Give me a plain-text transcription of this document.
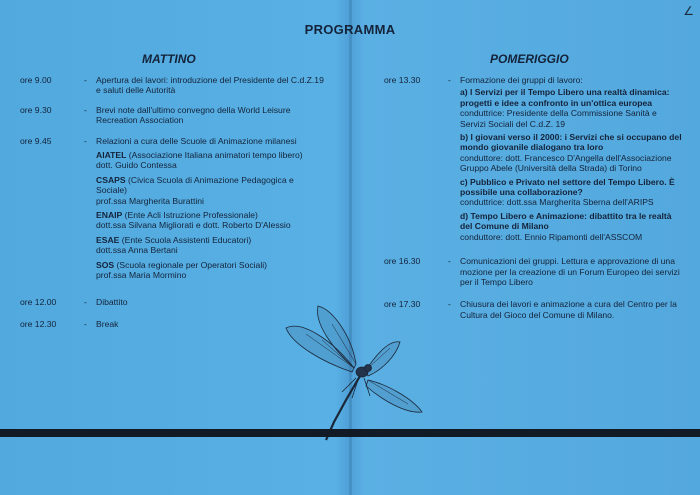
∠
PROGRAMMA
MATTINO	POMERIGGIO
ore 9.00	-	Apertura dei lavori: introduzione del Presidente del C.d.Z.19 e saluti delle Autorità
ore 9.30	-	Brevi note dall'ultimo convegno della World Leisure Recreation Association
ore 9.45	-	Relazioni a cura delle Scuole di Animazione milanesi
AIATEL (Associazione Italiana animatori tempo libero)
dott. Guido Contessa
CSAPS (Civica Scuola di Animazione Pedagogica e Sociale)
prof.ssa Margherita Burattini
ENAIP (Ente Acli Istruzione Professionale)
dott.ssa Silvana Migliorati e dott. Roberto D'Alessio
ESAE (Ente Scuola Assistenti Educatori)
dott.ssa Anna Bertani
SOS (Scuola regionale per Operatori Sociali)
prof.ssa Maria Mormino
ore 12.00	-	Dibattito
ore 12.30	-	Break
ore 13.30	-	Formazione dei gruppi di lavoro:
a) I Servizi per il Tempo Libero una realtà dinamica: progetti e idee a confronto in un'ottica europea
conduttrice: Presidente della Commissione Sanità e Servizi Sociali del C.d.Z. 19
b) I giovani verso il 2000: i Servizi che si occupano del mondo giovanile dialogano tra loro
conduttore: dott. Francesco D'Angella dell'Associazione Gruppo Abele (Università della Strada) di Torino
c) Pubblico e Privato nel settore del Tempo Libero. È possibile una collaborazione?
conduttrice: dott.ssa Margherita Sberna dell'ARIPS
d) Tempo Libero e Animazione: dibattito tra le realtà del Comune di Milano
conduttore: dott. Ennio Ripamonti dell'ASSCOM
ore 16.30	-	Comunicazioni dei gruppi. Lettura e approvazione di una mozione per la creazione di un Forum Europeo dei servizi per il Tempo Libero
ore 17.30	-	Chiusura dei lavori e animazione a cura del Centro per la Cultura del Gioco del Comune di Milano.
